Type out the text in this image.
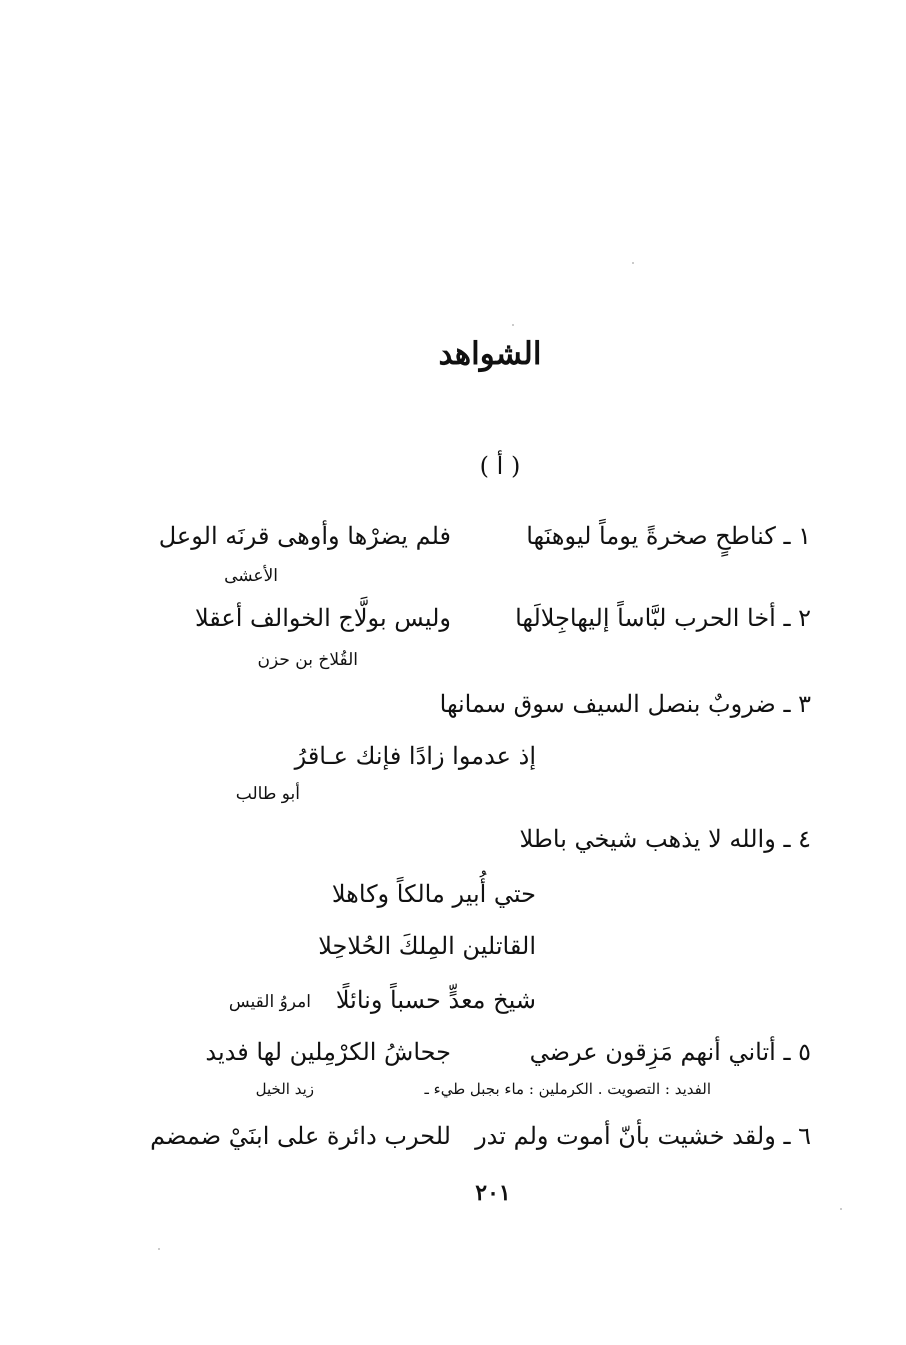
الشواهد
( أ )
١ ـ كناطحٍ صخرةً يوماً ليوهنَها
فلم يضرْها وأوهى قرنَه الوعل
الأعشى
٢ ـ أخا الحرب لبَّاساً إليهاجِلالَها
وليس بولَّاج الخوالف أعقلا
القُلاخ بن حزن
٣ ـ ضروبٌ بنصل السيف سوق سمانها
إذ عدموا زادًا فإنك عـاقرُ
أبو طالب
٤ ـ والله لا يذهب شيخي باطلا
حتي أُبير مالكاً وكاهلا
القاتلين المِلكَ الحُلاحِلا
شيخ معدٍّ حسباً ونائلًا
امروُ القيس
٥ ـ أتاني أنهم مَزِقون عرضي
جحاشُ الكرْمِلين لها فديد
الفديد : التصويت . الكرملين : ماء بجبل طيء ـ
زيد الخيل
٦ ـ ولقد خشيت بأنّ أموت ولم تدر
للحرب دائرة على ابنَيْ ضمضم
٢٠١
